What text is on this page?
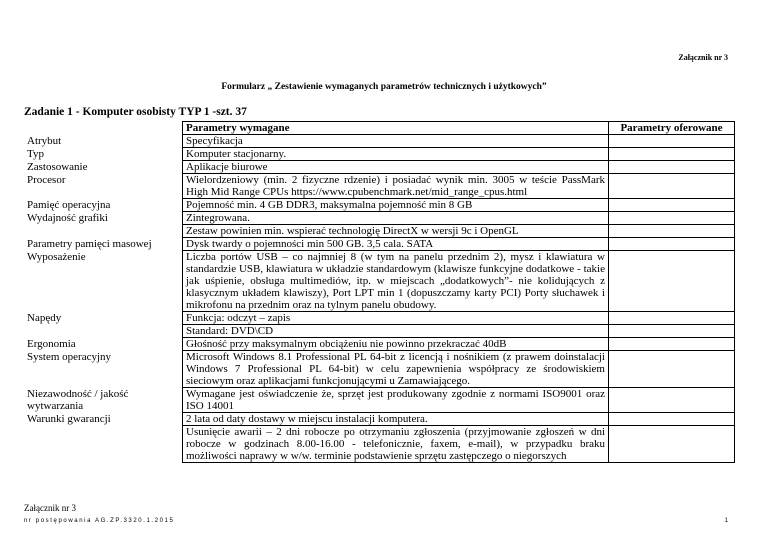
Załącznik nr 3
Formularz „ Zestawienie wymaganych parametrów technicznych i użytkowych”
Zadanie 1 - Komputer osobisty TYP 1 -szt. 37
	Parametry wymagane	Parametry oferowane
Atrybut	Specyfikacja	
Typ	Komputer stacjonarny.	
Zastosowanie	Aplikacje biurowe	
Procesor	Wielordzeniowy (min. 2 fizyczne rdzenie) i posiadać wynik min. 3005 w teście PassMark High Mid Range CPUs https://www.cpubenchmark.net/mid_range_cpus.html	
Pamięć operacyjna	Pojemność min. 4 GB DDR3, maksymalna pojemność min 8 GB	
Wydajność grafiki	Zintegrowana.	
	Zestaw powinien min. wspierać technologię DirectX w wersji 9c i OpenGL	
Parametry pamięci masowej	Dysk twardy o pojemności min 500 GB. 3,5 cala. SATA	
Wyposażenie	Liczba portów USB – co najmniej 8 (w tym na panelu przednim 2), mysz i klawiatura w standardzie USB, klawiatura w układzie standardowym (klawisze funkcyjne dodatkowe - takie jak uśpienie, obsługa multimediów, itp. w miejscach „dodatkowych”- nie kolidujących z klasycznym układem klawiszy), Port LPT min 1 (dopuszczamy karty PCI) Porty słuchawek i mikrofonu na przednim oraz na tylnym panelu obudowy.	
Napędy	Funkcja: odczyt – zapis	
	Standard: DVD\CD	
Ergonomia	Głośność przy maksymalnym obciążeniu nie powinno przekraczać 40dB	
System operacyjny	Microsoft Windows 8.1 Professional PL 64-bit z licencją i nośnikiem (z prawem doinstalacji Windows 7 Professional PL 64-bit) w celu zapewnienia współpracy ze środowiskiem sieciowym oraz aplikacjami funkcjonującymi u Zamawiającego.	
Niezawodność / jakość wytwarzania	Wymagane jest oświadczenie że, sprzęt jest produkowany zgodnie z normami ISO9001 oraz ISO 14001	
Warunki gwarancji	2 lata od daty dostawy w miejscu instalacji komputera.	
	Usunięcie awarii – 2 dni robocze po otrzymaniu zgłoszenia (przyjmowanie zgłoszeń w dni robocze w godzinach 8.00-16.00 - telefonicznie, faxem, e-mail), w przypadku braku możliwości naprawy w w/w. terminie podstawienie sprzętu zastępczego o niegorszych	
Załącznik nr 3
nr postępowania AG.ZP.3320.1.2015	1
